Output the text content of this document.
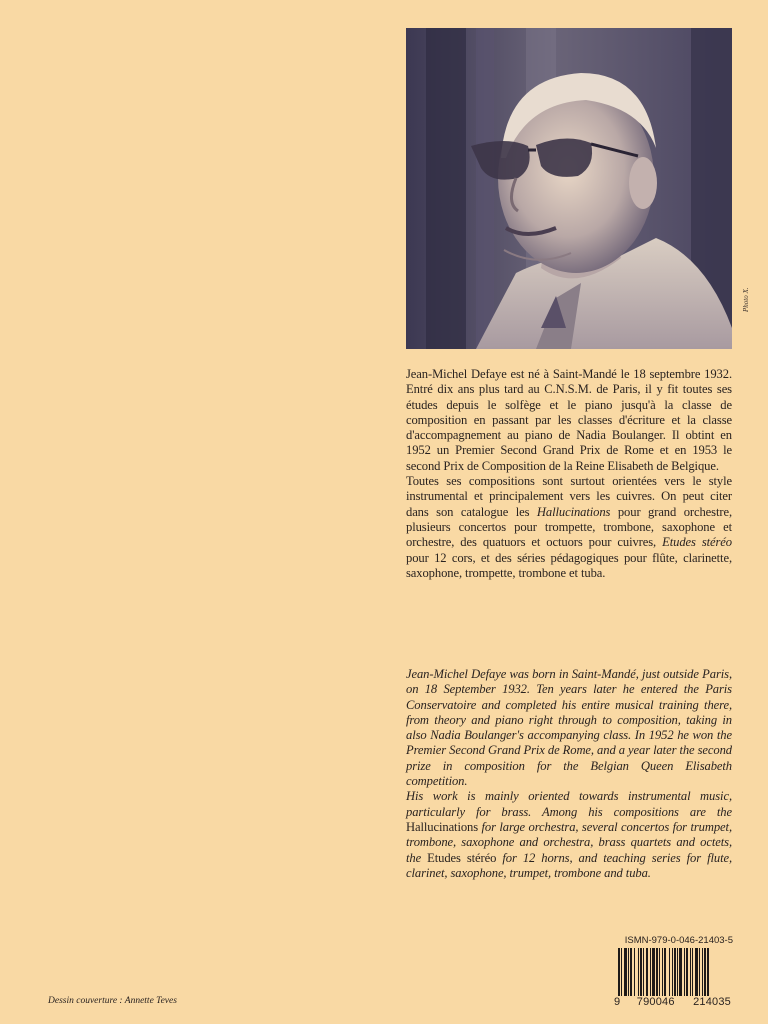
Photo X.

Jean-Michel Defaye est né à Saint-Mandé le 18 septembre 1932. Entré dix ans plus tard au C.N.S.M. de Paris, il y fit toutes ses études depuis le solfège et le piano jusqu'à la classe de composition en passant par les classes d'écriture et la classe d'accompagnement au piano de Nadia Boulanger. Il obtint en 1952 un Premier Second Grand Prix de Rome et en 1953 le second Prix de Composition de la Reine Elisabeth de Belgique.

Toutes ses compositions sont surtout orientées vers le style instrumental et principalement vers les cuivres. On peut citer dans son catalogue les Hallucinations pour grand orchestre, plusieurs concertos pour trompette, trombone, saxophone et orchestre, des quatuors et octuors pour cuivres, Etudes stéréo pour 12 cors, et des séries pédagogiques pour flûte, clarinette, saxophone, trompette, trombone et tuba.

Jean-Michel Defaye was born in Saint-Mandé, just outside Paris, on 18 September 1932. Ten years later he entered the Paris Conservatoire and completed his entire musical training there, from theory and piano right through to composition, taking in also Nadia Boulanger's accompanying class. In 1952 he won the Premier Second Grand Prix de Rome, and a year later the second prize in composition for the Belgian Queen Elisabeth competition.

His work is mainly oriented towards instrumental music, particularly for brass. Among his compositions are the Hallucinations for large orchestra, several concertos for trumpet, trombone, saxophone and orchestra, brass quartets and octets, the Etudes stéréo for 12 horns, and teaching series for flute, clarinet, saxophone, trumpet, trombone and tuba.

ISMN-979-0-046-21403-5
9 790046 214035
Dessin couverture : Annette Teves
